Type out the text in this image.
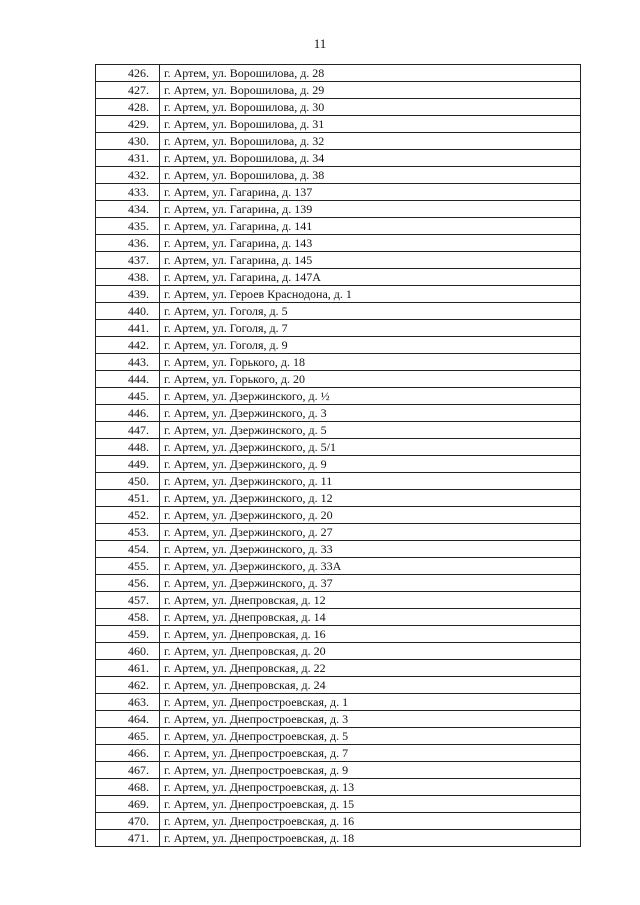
11
426.	г. Артем, ул. Ворошилова, д. 28
427.	г. Артем, ул. Ворошилова, д. 29
428.	г. Артем, ул. Ворошилова, д. 30
429.	г. Артем, ул. Ворошилова, д. 31
430.	г. Артем, ул. Ворошилова, д. 32
431.	г. Артем, ул. Ворошилова, д. 34
432.	г. Артем, ул. Ворошилова, д. 38
433.	г. Артем, ул. Гагарина, д. 137
434.	г. Артем, ул. Гагарина, д. 139
435.	г. Артем, ул. Гагарина, д. 141
436.	г. Артем, ул. Гагарина, д. 143
437.	г. Артем, ул. Гагарина, д. 145
438.	г. Артем, ул. Гагарина, д. 147А
439.	г. Артем, ул. Героев Краснодона, д. 1
440.	г. Артем, ул. Гоголя, д. 5
441.	г. Артем, ул. Гоголя, д. 7
442.	г. Артем, ул. Гоголя, д. 9
443.	г. Артем, ул. Горького, д. 18
444.	г. Артем, ул. Горького, д. 20
445.	г. Артем, ул. Дзержинского, д. ½
446.	г. Артем, ул. Дзержинского, д. 3
447.	г. Артем, ул. Дзержинского, д. 5
448.	г. Артем, ул. Дзержинского, д. 5/1
449.	г. Артем, ул. Дзержинского, д. 9
450.	г. Артем, ул. Дзержинского, д. 11
451.	г. Артем, ул. Дзержинского, д. 12
452.	г. Артем, ул. Дзержинского, д. 20
453.	г. Артем, ул. Дзержинского, д. 27
454.	г. Артем, ул. Дзержинского, д. 33
455.	г. Артем, ул. Дзержинского, д. 33А
456.	г. Артем, ул. Дзержинского, д. 37
457.	г. Артем, ул. Днепровская, д. 12
458.	г. Артем, ул. Днепровская, д. 14
459.	г. Артем, ул. Днепровская, д. 16
460.	г. Артем, ул. Днепровская, д. 20
461.	г. Артем, ул. Днепровская, д. 22
462.	г. Артем, ул. Днепровская, д. 24
463.	г. Артем, ул. Днепростроевская, д. 1
464.	г. Артем, ул. Днепростроевская, д. 3
465.	г. Артем, ул. Днепростроевская, д. 5
466.	г. Артем, ул. Днепростроевская, д. 7
467.	г. Артем, ул. Днепростроевская, д. 9
468.	г. Артем, ул. Днепростроевская, д. 13
469.	г. Артем, ул. Днепростроевская, д. 15
470.	г. Артем, ул. Днепростроевская, д. 16
471.	г. Артем, ул. Днепростроевская, д. 18
